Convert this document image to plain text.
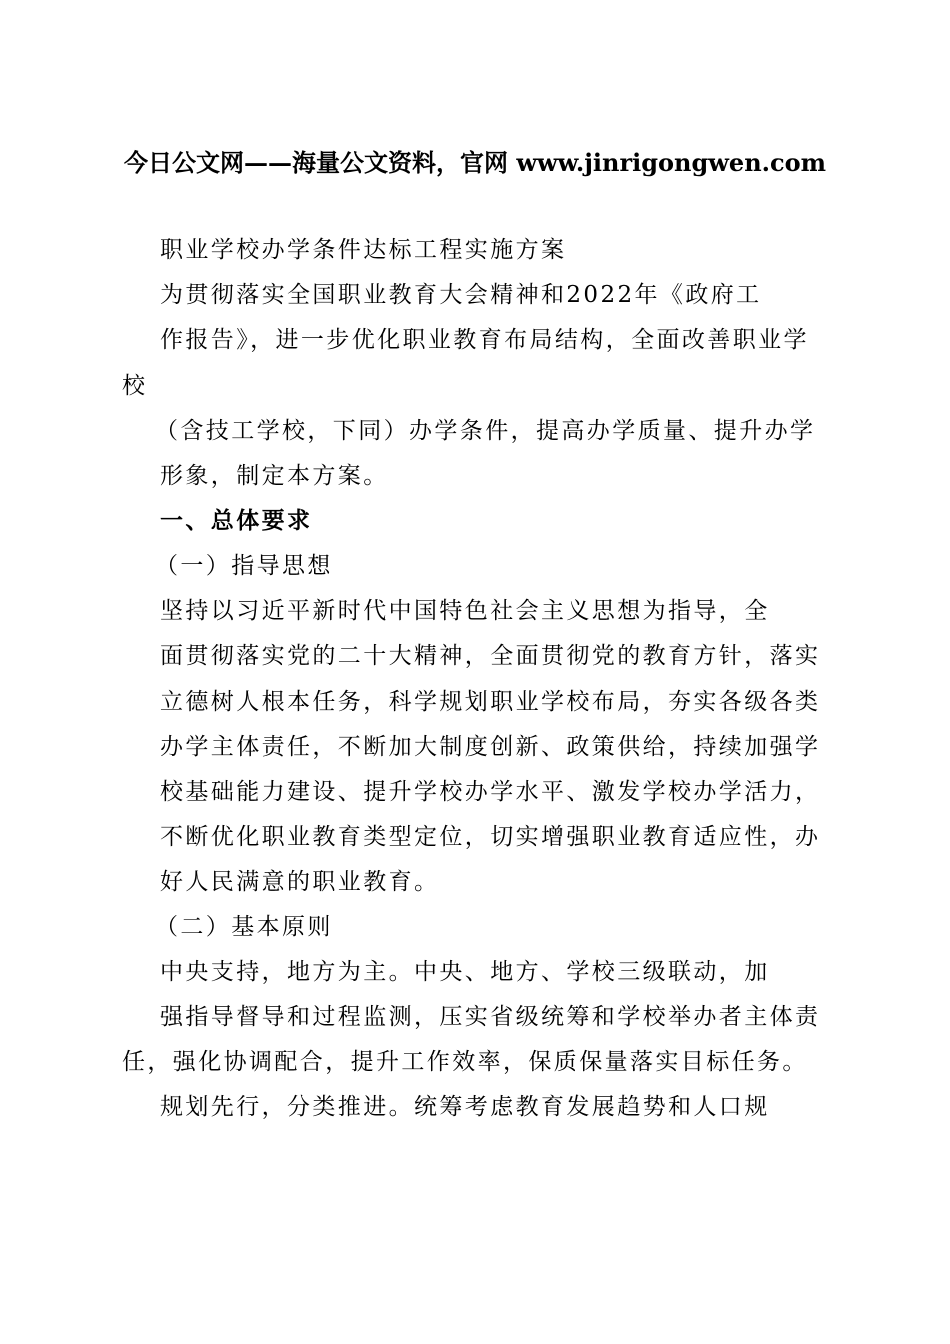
今日公文网——海量公文资料，官网 www.jinrigongwen.com
职业学校办学条件达标工程实施方案
为贯彻落实全国职业教育大会精神和2022年《政府工
作报告》，进一步优化职业教育布局结构，全面改善职业学
校
（含技工学校，下同）办学条件，提高办学质量、提升办学
形象，制定本方案。
一、总体要求
（一）指导思想
坚持以习近平新时代中国特色社会主义思想为指导，全
面贯彻落实党的二十大精神，全面贯彻党的教育方针，落实
立德树人根本任务，科学规划职业学校布局，夯实各级各类
办学主体责任，不断加大制度创新、政策供给，持续加强学
校基础能力建设、提升学校办学水平、激发学校办学活力，
不断优化职业教育类型定位，切实增强职业教育适应性，办
好人民满意的职业教育。
（二）基本原则
中央支持，地方为主。中央、地方、学校三级联动，加
强指导督导和过程监测，压实省级统筹和学校举办者主体责
任，强化协调配合，提升工作效率，保质保量落实目标任务。
规划先行，分类推进。统筹考虑教育发展趋势和人口规
